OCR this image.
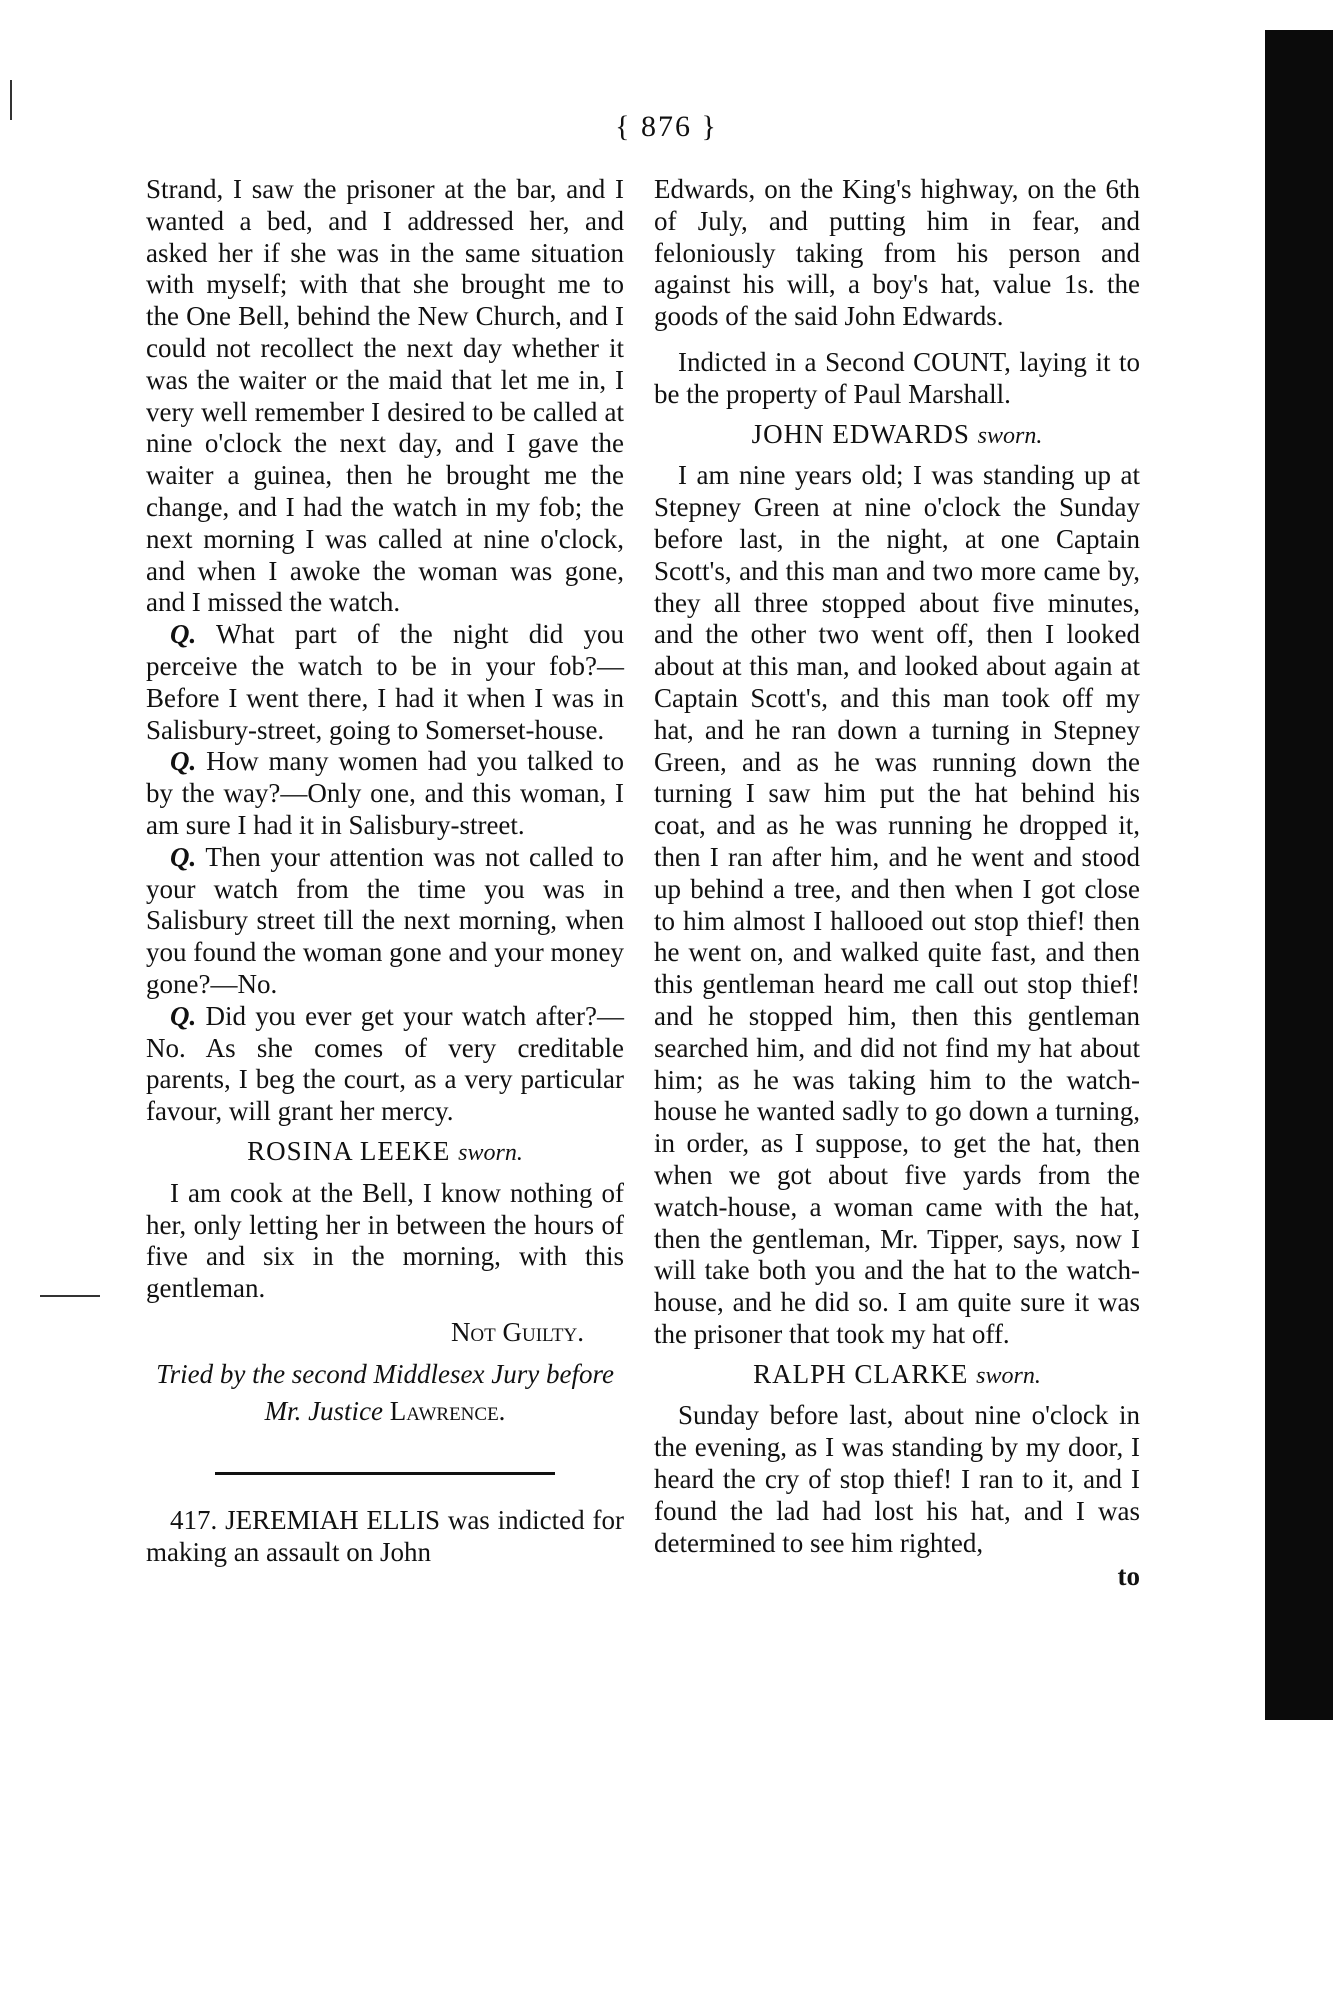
{ 876 }

Strand, I saw the prisoner at the bar, and I wanted a bed, and I addressed her, and asked her if she was in the same situation with myself; with that she brought me to the One Bell, behind the New Church, and I could not recollect the next day whether it was the waiter or the maid that let me in, I very well remember I desired to be called at nine o'clock the next day, and I gave the waiter a guinea, then he brought me the change, and I had the watch in my fob; the next morning I was called at nine o'clock, and when I awoke the woman was gone, and I missed the watch.

Q. What part of the night did you perceive the watch to be in your fob?—Before I went there, I had it when I was in Salisbury-street, going to Somerset-house.

Q. How many women had you talked to by the way?—Only one, and this woman, I am sure I had it in Salisbury-street.

Q. Then your attention was not called to your watch from the time you was in Salisbury street till the next morning, when you found the woman gone and your money gone?—No.

Q. Did you ever get your watch after?—No. As she comes of very creditable parents, I beg the court, as a very particular favour, will grant her mercy.

ROSINA LEEKE sworn.

I am cook at the Bell, I know nothing of her, only letting her in between the hours of five and six in the morning, with this gentleman.

Not Guilty.
Tried by the second Middlesex Jury before
Mr. Justice Lawrence.

417. JEREMIAH ELLIS was indicted for making an assault on John

Edwards, on the King's highway, on the 6th of July, and putting him in fear, and feloniously taking from his person and against his will, a boy's hat, value 1s. the goods of the said John Edwards.

Indicted in a Second COUNT, laying it to be the property of Paul Marshall.

JOHN EDWARDS sworn.

I am nine years old; I was standing up at Stepney Green at nine o'clock the Sunday before last, in the night, at one Captain Scott's, and this man and two more came by, they all three stopped about five minutes, and the other two went off, then I looked about at this man, and looked about again at Captain Scott's, and this man took off my hat, and he ran down a turning in Stepney Green, and as he was running down the turning I saw him put the hat behind his coat, and as he was running he dropped it, then I ran after him, and he went and stood up behind a tree, and then when I got close to him almost I hallooed out stop thief! then he went on, and walked quite fast, and then this gentleman heard me call out stop thief! and he stopped him, then this gentleman searched him, and did not find my hat about him; as he was taking him to the watch-house he wanted sadly to go down a turning, in order, as I suppose, to get the hat, then when we got about five yards from the watch-house, a woman came with the hat, then the gentleman, Mr. Tipper, says, now I will take both you and the hat to the watch-house, and he did so. I am quite sure it was the prisoner that took my hat off.

RALPH CLARKE sworn.

Sunday before last, about nine o'clock in the evening, as I was standing by my door, I heard the cry of stop thief! I ran to it, and I found the lad had lost his hat, and I was determined to see him righted,

to
